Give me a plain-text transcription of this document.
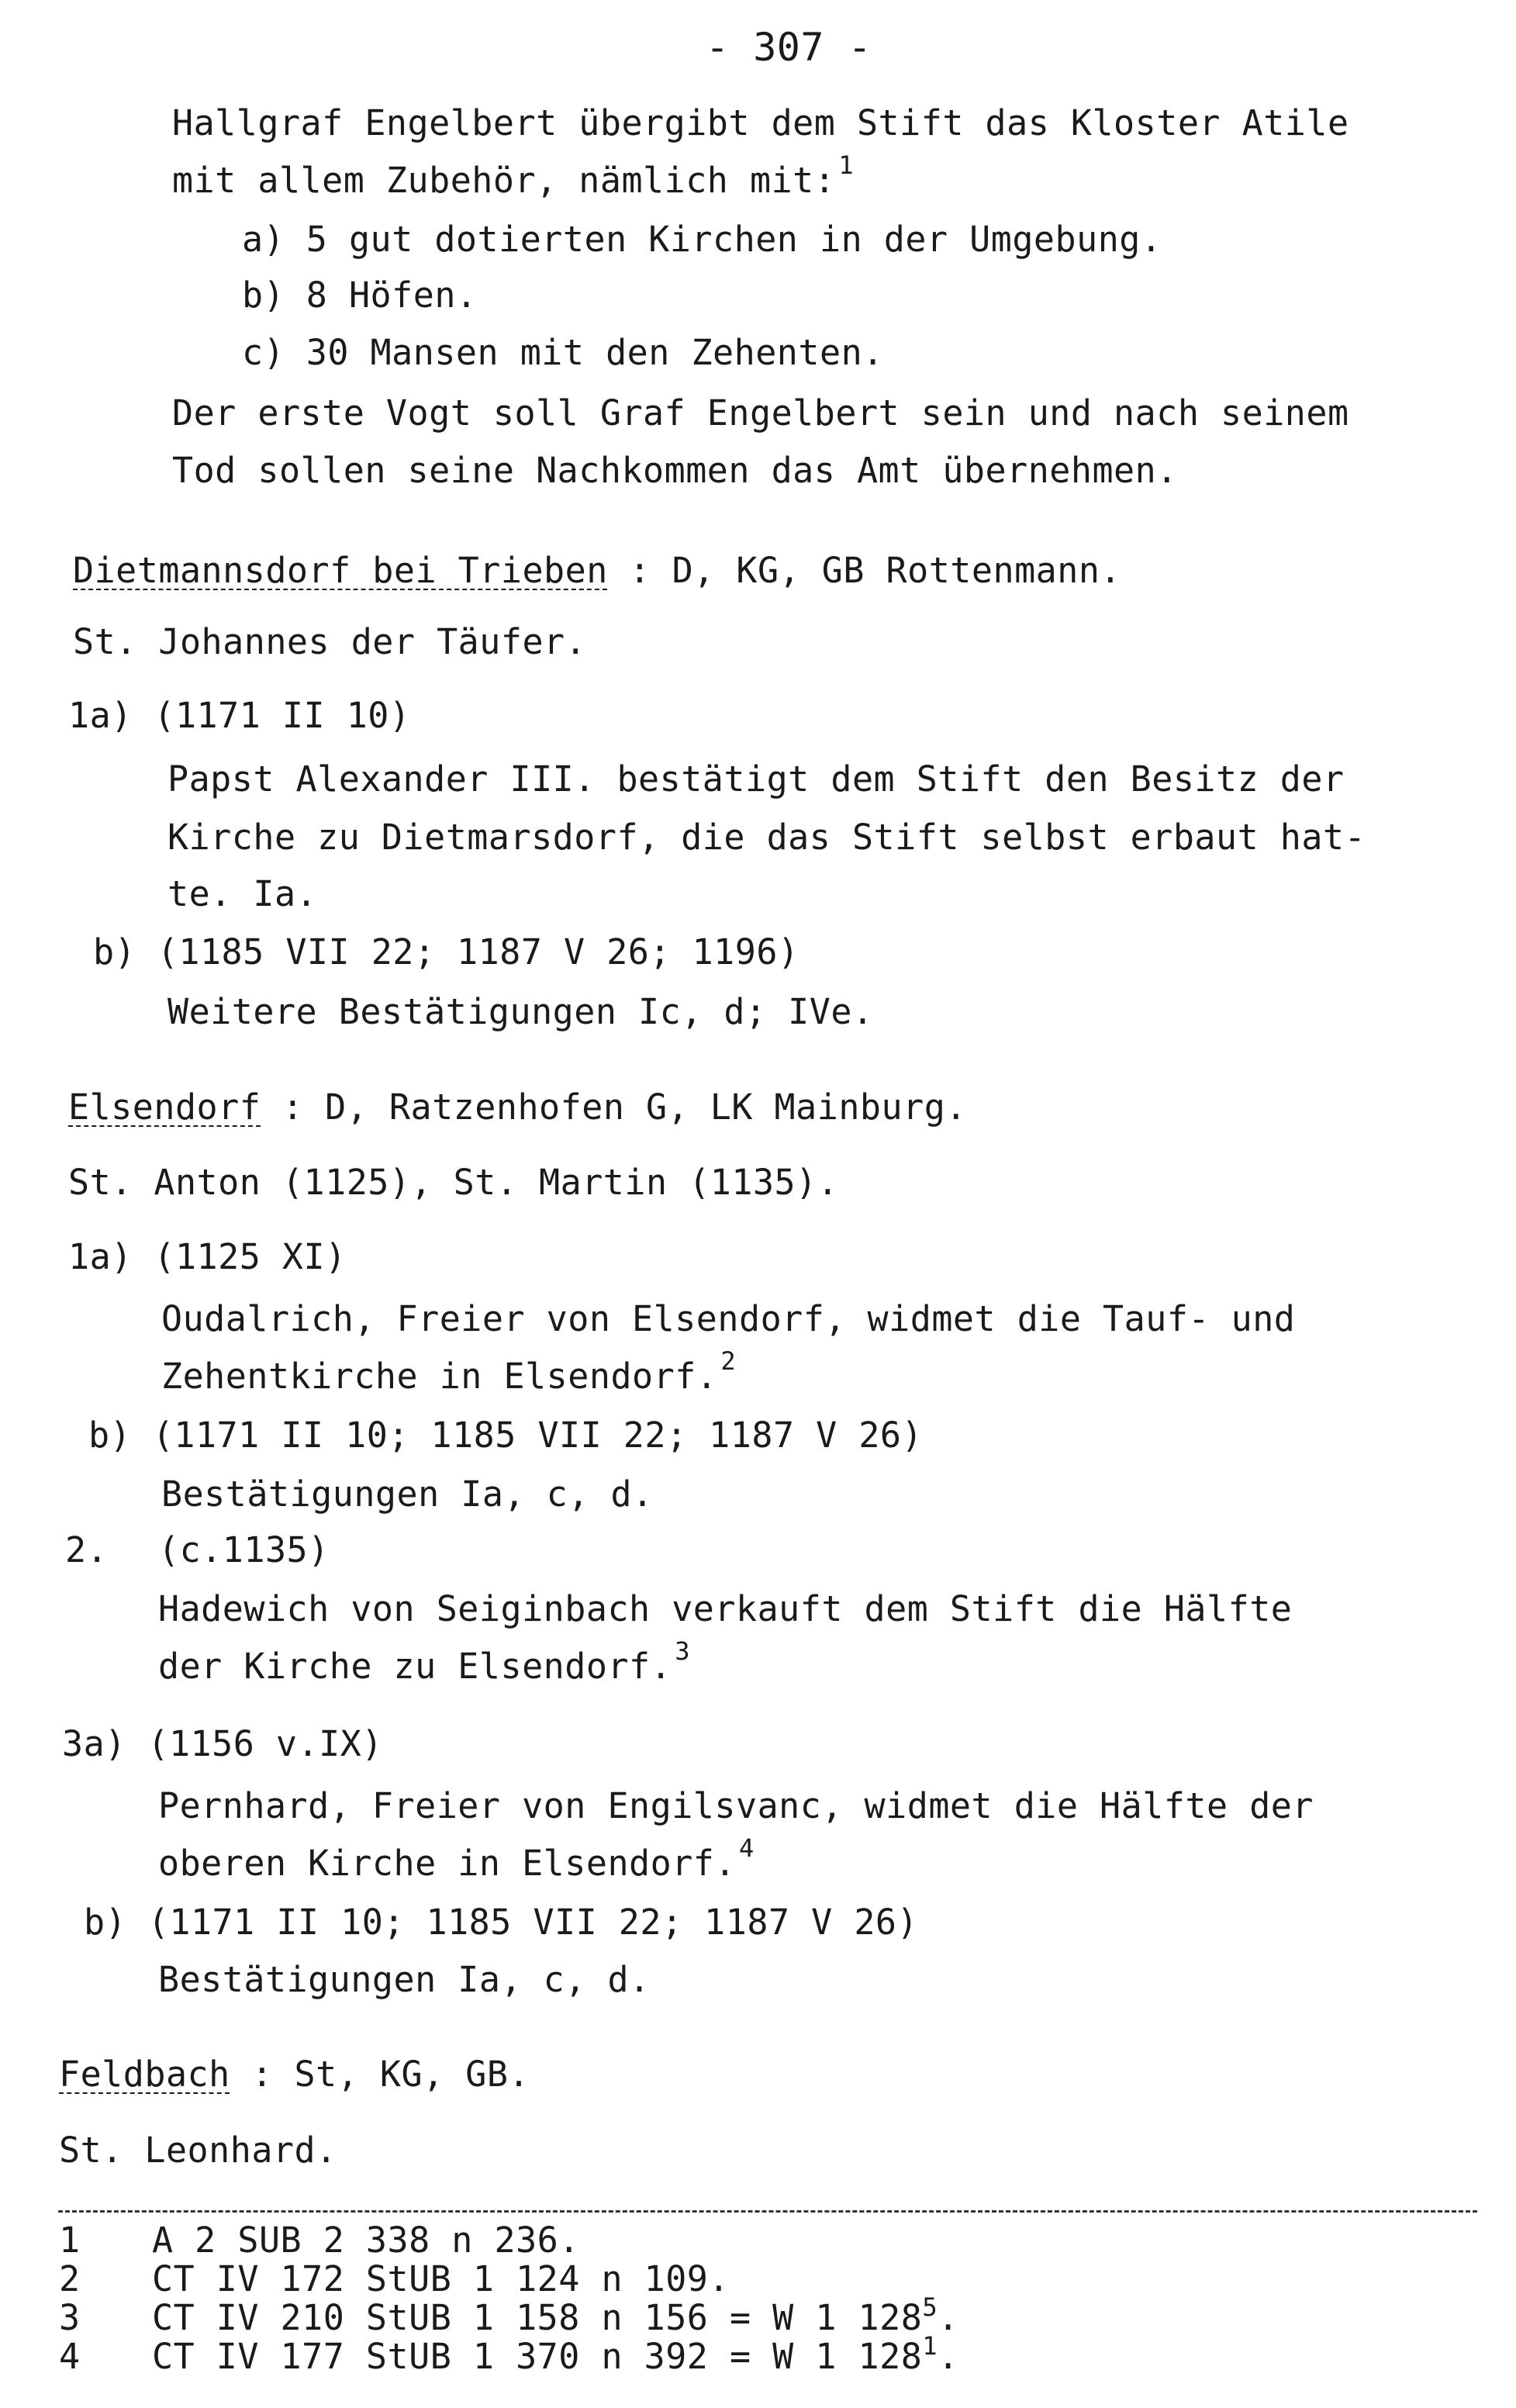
- 307 -
Hallgraf Engelbert übergibt dem Stift das Kloster Atile
mit allem Zubehör, nämlich mit: $^1$
a) 5 gut dotierten Kirchen in der Umgebung.
b) 8 Höfen.
c) 30 Mansen mit den Zehenten.
Der erste Vogt soll Graf Engelbert sein und nach seinem
Tod sollen seine Nachkommen das Amt übernehmen.
Dietmannsdorf bei Trieben : D, KG, GB Rottenmann.
St. Johannes der Täufer.
1a) (1171 II 10)
Papst Alexander III. bestätigt dem Stift den Besitz der
Kirche zu Dietmarsdorf, die das Stift selbst erbaut hat-
te. Ia.
b) (1185 VII 22; 1187 V 26; 1196)
Weitere Bestätigungen Ic, d; IVe.
Elsendorf : D, Ratzenhofen G, LK Mainburg.
St. Anton (1125), St. Martin (1135).
1a) (1125 XI)
Oudalrich, Freier von Elsendorf, widmet die Tauf- und
Zehentkirche in Elsendorf. $^2$
b) (1171 II 10; 1185 VII 22; 1187 V 26)
Bestätigungen Ia, c, d.
2. (c.1135)
Hadewich von Seiginbach verkauft dem Stift die Hälfte
der Kirche zu Elsendorf. $^3$
3a) (1156 v.IX)
Pernhard, Freier von Engilsvanc, widmet die Hälfte der
oberen Kirche in Elsendorf. $^4$
b) (1171 II 10; 1185 VII 22; 1187 V 26)
Bestätigungen Ia, c, d.
Feldbach : St, KG, GB.
St. Leonhard.
1 A 2 SUB 2 338 n 236.
2 CT IV 172 StUB 1 124 n 109.
3 CT IV 210 StUB 1 158 n 156 = W 1 128$^5$.
4 CT IV 177 StUB 1 370 n 392 = W 1 128$^1$.
